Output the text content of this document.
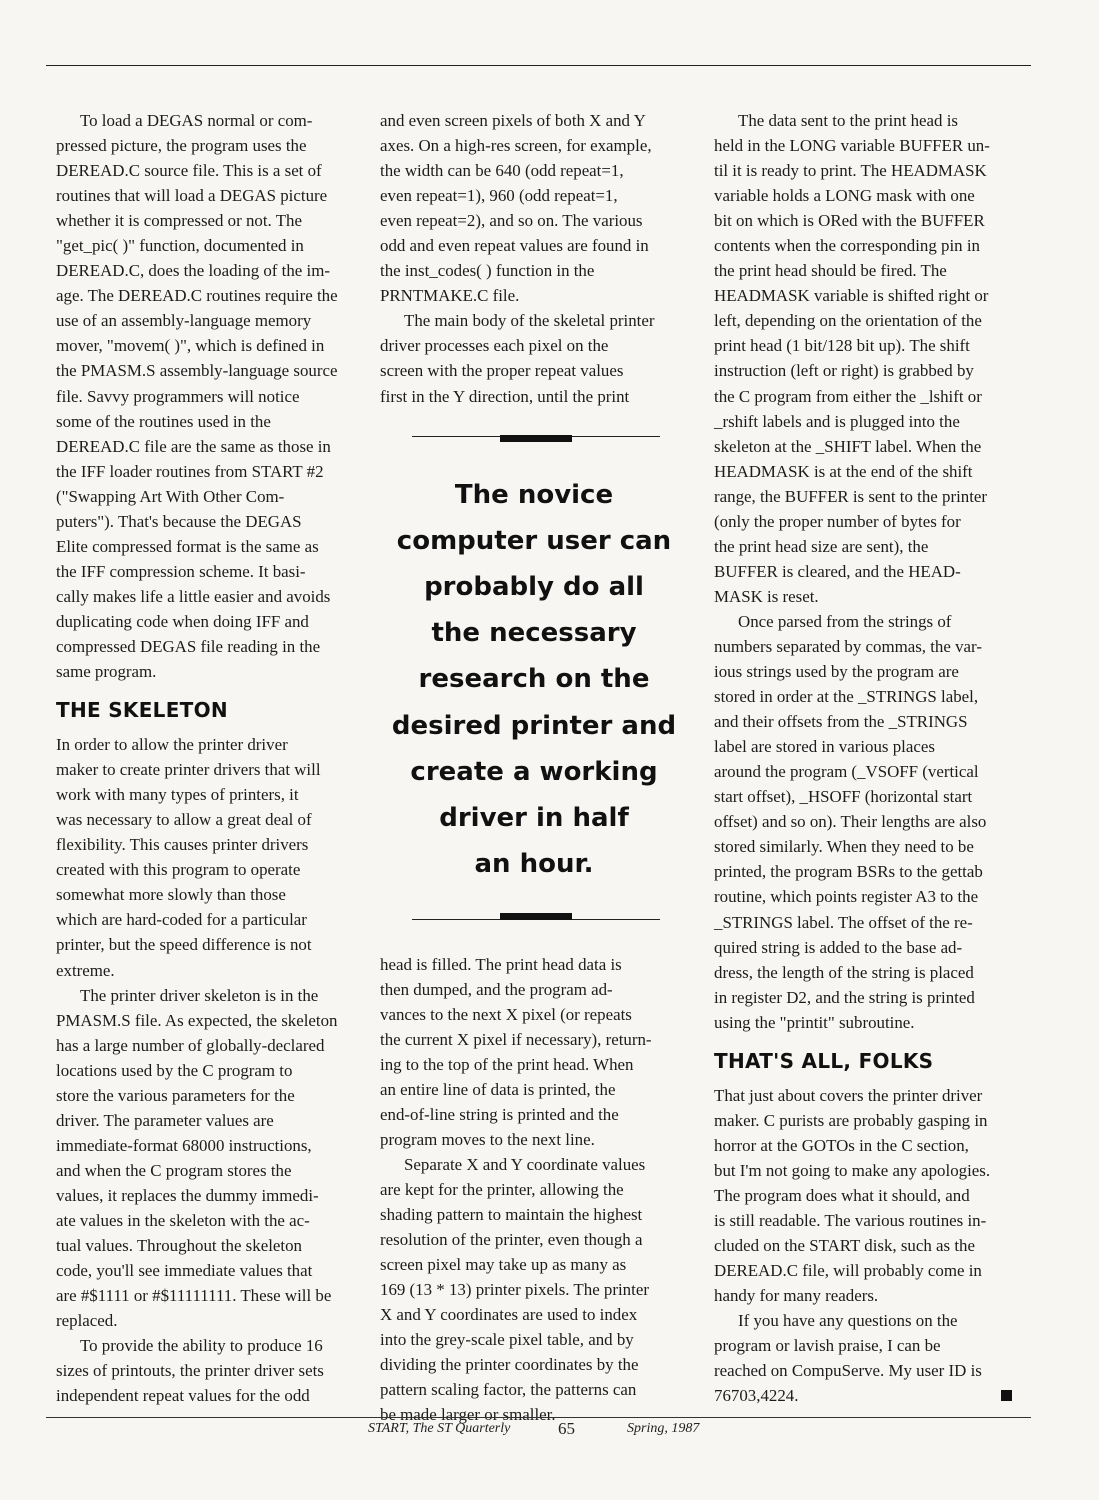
To load a DEGAS normal or com-
pressed picture, the program uses the
DEREAD.C source file. This is a set of
routines that will load a DEGAS picture
whether it is compressed or not. The
"get_pic( )" function, documented in
DEREAD.C, does the loading of the im-
age. The DEREAD.C routines require the
use of an assembly-language memory
mover, "movem( )", which is defined in
the PMASM.S assembly-language source
file. Savvy programmers will notice
some of the routines used in the
DEREAD.C file are the same as those in
the IFF loader routines from START #2
("Swapping Art With Other Com-
puters"). That's because the DEGAS
Elite compressed format is the same as
the IFF compression scheme. It basi-
cally makes life a little easier and avoids
duplicating code when doing IFF and
compressed DEGAS file reading in the
same program.

THE SKELETON

In order to allow the printer driver
maker to create printer drivers that will
work with many types of printers, it
was necessary to allow a great deal of
flexibility. This causes printer drivers
created with this program to operate
somewhat more slowly than those
which are hard-coded for a particular
printer, but the speed difference is not
extreme.

The printer driver skeleton is in the
PMASM.S file. As expected, the skeleton
has a large number of globally-declared
locations used by the C program to
store the various parameters for the
driver. The parameter values are
immediate-format 68000 instructions,
and when the C program stores the
values, it replaces the dummy immedi-
ate values in the skeleton with the ac-
tual values. Throughout the skeleton
code, you'll see immediate values that
are #$1111 or #$11111111. These will be
replaced.

To provide the ability to produce 16
sizes of printouts, the printer driver sets
independent repeat values for the odd

and even screen pixels of both X and Y
axes. On a high-res screen, for example,
the width can be 640 (odd repeat=1,
even repeat=1), 960 (odd repeat=1,
even repeat=2), and so on. The various
odd and even repeat values are found in
the inst_codes( ) function in the
PRNTMAKE.C file.

The main body of the skeletal printer
driver processes each pixel on the
screen with the proper repeat values
first in the Y direction, until the print

The novice
computer user can
probably do all
the necessary
research on the
desired printer and
create a working
driver in half
an hour.

head is filled. The print head data is
then dumped, and the program ad-
vances to the next X pixel (or repeats
the current X pixel if necessary), return-
ing to the top of the print head. When
an entire line of data is printed, the
end-of-line string is printed and the
program moves to the next line.

Separate X and Y coordinate values
are kept for the printer, allowing the
shading pattern to maintain the highest
resolution of the printer, even though a
screen pixel may take up as many as
169 (13 * 13) printer pixels. The printer
X and Y coordinates are used to index
into the grey-scale pixel table, and by
dividing the printer coordinates by the
pattern scaling factor, the patterns can
be made larger or smaller.

The data sent to the print head is
held in the LONG variable BUFFER un-
til it is ready to print. The HEADMASK
variable holds a LONG mask with one
bit on which is ORed with the BUFFER
contents when the corresponding pin in
the print head should be fired. The
HEADMASK variable is shifted right or
left, depending on the orientation of the
print head (1 bit/128 bit up). The shift
instruction (left or right) is grabbed by
the C program from either the _lshift or
_rshift labels and is plugged into the
skeleton at the _SHIFT label. When the
HEADMASK is at the end of the shift
range, the BUFFER is sent to the printer
(only the proper number of bytes for
the print head size are sent), the
BUFFER is cleared, and the HEAD-
MASK is reset.

Once parsed from the strings of
numbers separated by commas, the var-
ious strings used by the program are
stored in order at the _STRINGS label,
and their offsets from the _STRINGS
label are stored in various places
around the program (_VSOFF (vertical
start offset), _HSOFF (horizontal start
offset) and so on). Their lengths are also
stored similarly. When they need to be
printed, the program BSRs to the gettab
routine, which points register A3 to the
_STRINGS label. The offset of the re-
quired string is added to the base ad-
dress, the length of the string is placed
in register D2, and the string is printed
using the "printit" subroutine.

THAT'S ALL, FOLKS

That just about covers the printer driver
maker. C purists are probably gasping in
horror at the GOTOs in the C section,
but I'm not going to make any apologies.
The program does what it should, and
is still readable. The various routines in-
cluded on the START disk, such as the
DEREAD.C file, will probably come in
handy for many readers.

If you have any questions on the
program or lavish praise, I can be
reached on CompuServe. My user ID is
76703,4224.

START, The ST Quarterly	65	Spring, 1987
